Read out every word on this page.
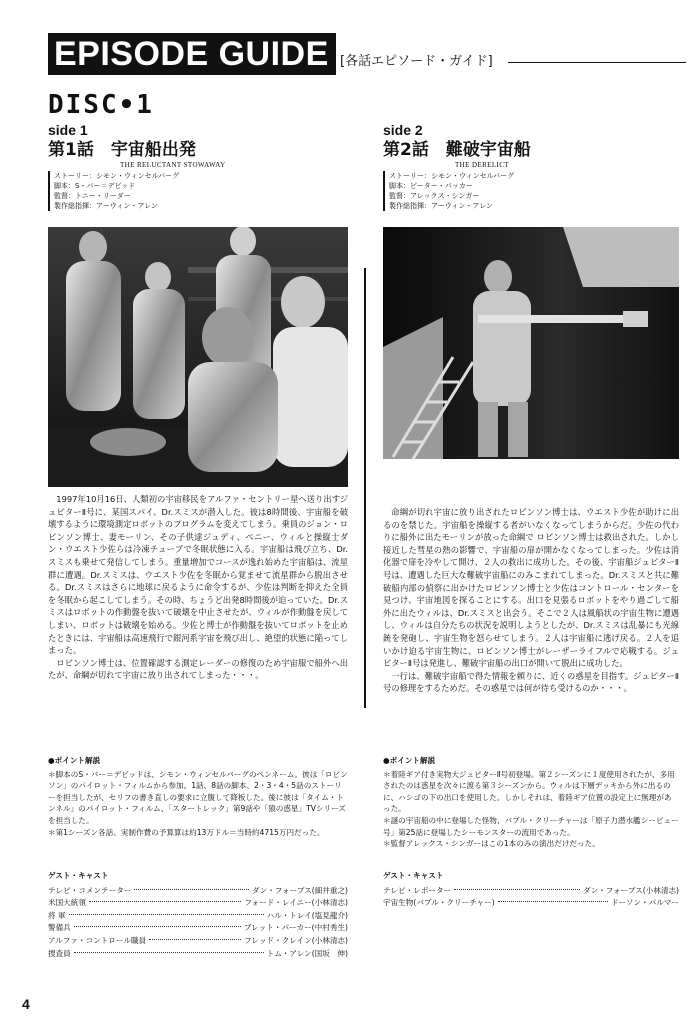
EPISODE GUIDE [各話エピソード・ガイド]
DISC•1
side 1
第1話　宇宙船出発
THE RELUCTANT STOWAWAY
ストーリー：シモン・ウィンセルバーグ
脚本：S・バー＝デビッド
監督：トニー・リーダー
製作総指揮：アーウィン・アレン
side 2
第2話　難破宇宙船
THE DERELICT
ストーリー：シモン・ウィンセルバーグ
脚本：ピーター・パッカー
監督：アレックス・シンガー
製作総指揮：アーウィン・アレン

1997年10月16日、人類初の宇宙移民をアルファ・セントリー星へ送り出すジュピターⅡ号に、某国スパイ、Dr.スミスが潜入した。彼は8時間後、宇宙船を破壊するように環境測定ロボットのプログラムを変えてしまう。乗員のジョン・ロビンソン博士、妻モーリン、その子供達ジュディ、ペニー、ウィルと操縦士ダン・ウエスト少佐らは冷凍チューブで冬眠状態に入る。宇宙船は飛び立ち、Dr.スミスも乗せて発信してしまう。重量増加でコースが逸れ始めた宇宙船は、流星群に遭遇。Dr.スミスは、ウエスト少佐を冬眠から覚ませて流星群から脱出させる。Dr.スミスはさらに地球に戻るように命令するが、少佐は判断を抑えた全員を冬眠から起こしてしまう。その時、ちょうど出発8時間後が迫っていた。Dr.スミスはロボットの作動盤を抜いて破壊を中止させたが、ウィルが作動盤を戻してしまい、ロボットは破壊を始める。少佐と博士が作動盤を抜いてロボットを止めたときには、宇宙船は高速飛行で銀河系宇宙を飛び出し、絶望的状態に陥ってしまった。

ロビンソン博士は、位置確認する測定レーダーの修復のため宇宙服で船外へ出たが、命綱が切れて宇宙に放り出されてしまった・・・。

命綱が切れ宇宙に放り出されたロビンソン博士は、ウエスト少佐が助けに出るのを禁じた。宇宙船を操縦する者がいなくなってしまうからだ。少佐の代わりに船外に出たモーリンが放った命綱で ロビンソン博士は救出された。しかし接近した彗星の熱の影響で、宇宙船の扉が開かなくなってしまった。少佐は消化器で扉を冷やして開け、２人の救出に成功した。その後、宇宙船ジュピターⅡ号は、遭遇した巨大な難破宇宙船にのみこまれてしまった。Dr.スミスと共に難破船内部の偵察に出かけたロビンソン博士と少佐はコントロール・センターを見つけ、宇宙地図を探ることにする。出口を見張るロボットをやり過ごして船外に出たウィルは、Dr.スミスと出会う。そこで２人は風船状の宇宙生物に遭遇し、ウィルは自分たちの状況を説明しようとしたが、Dr.スミスは乱暴にも光線銃を発砲し、宇宙生物を怒らせてしまう。２人は宇宙船に逃げ戻る。２人を追いかけ迫る宇宙生物に、ロビンソン博士がレーザーライフルで応戦する。ジュピターⅡ号は発進し、難破宇宙船の出口が開いて脱出に成功した。

一行は、難破宇宙船で得た情報を頼りに、近くの惑星を目指す。ジュピターⅡ号の修理をするためだ。その惑星では何が待ち受けるのか・・・。

●ポイント解説

＊脚本のS・バー＝デビッドは、シモン・ウィンセルバーグのペンネーム。彼は「ロビンソン」のパイロット・フィルムから参加。1話、8話の脚本、2・3・4・5話のストーリーを担当したが、セリフの書き直しの要求に立腹して降板した。後に彼は「タイム・トンネル」のパイロット・フィルム、「スタートレック」第9話や「猿の惑星」TVシリーズを担当した。

＊第1シーズン各話、実制作費の予算算は約13万ドル＝当時約4715万円だった。

●ポイント解説

＊着陸ギア付き実物大ジュピターⅡ号初登場。第２シーズンに１度使用されたが、多用されたのは惑星を次々に渡る第３シーズンから。ウィルは下層デッキから外に出るのに、ハシゴの下の出口を使用した。しかしそれは、着陸ギア位置の設定上に無理があった。

＊謎の宇宙船の中に登場した怪物、バブル・クリーチャーは「原子力潜水艦シービュー号」第25話に登場したシーモンスターの流用であった。

＊監督アレックス・シンガーはこの1本のみの演出だけだった。

ゲスト・キャスト
テレビ・コメンテーター	ダン・フォーブス(細井重之)
米国大統領	フォード・レイニー(小林清志)
将 軍	ハル・トレイ(塩見龍介)
警備兵	ブレット・パーカー(中村秀生)
アルファ・コントロール職員	フレッド・クレイン(小林清志)
捜査員	トム・アレン(国坂　伸)
ゲスト・キャスト
テレビ・レポーター	ダン・フォーブス(小林清志)
宇宙生物(バブル・クリーチャー)	ドーソン・パルマー
4
